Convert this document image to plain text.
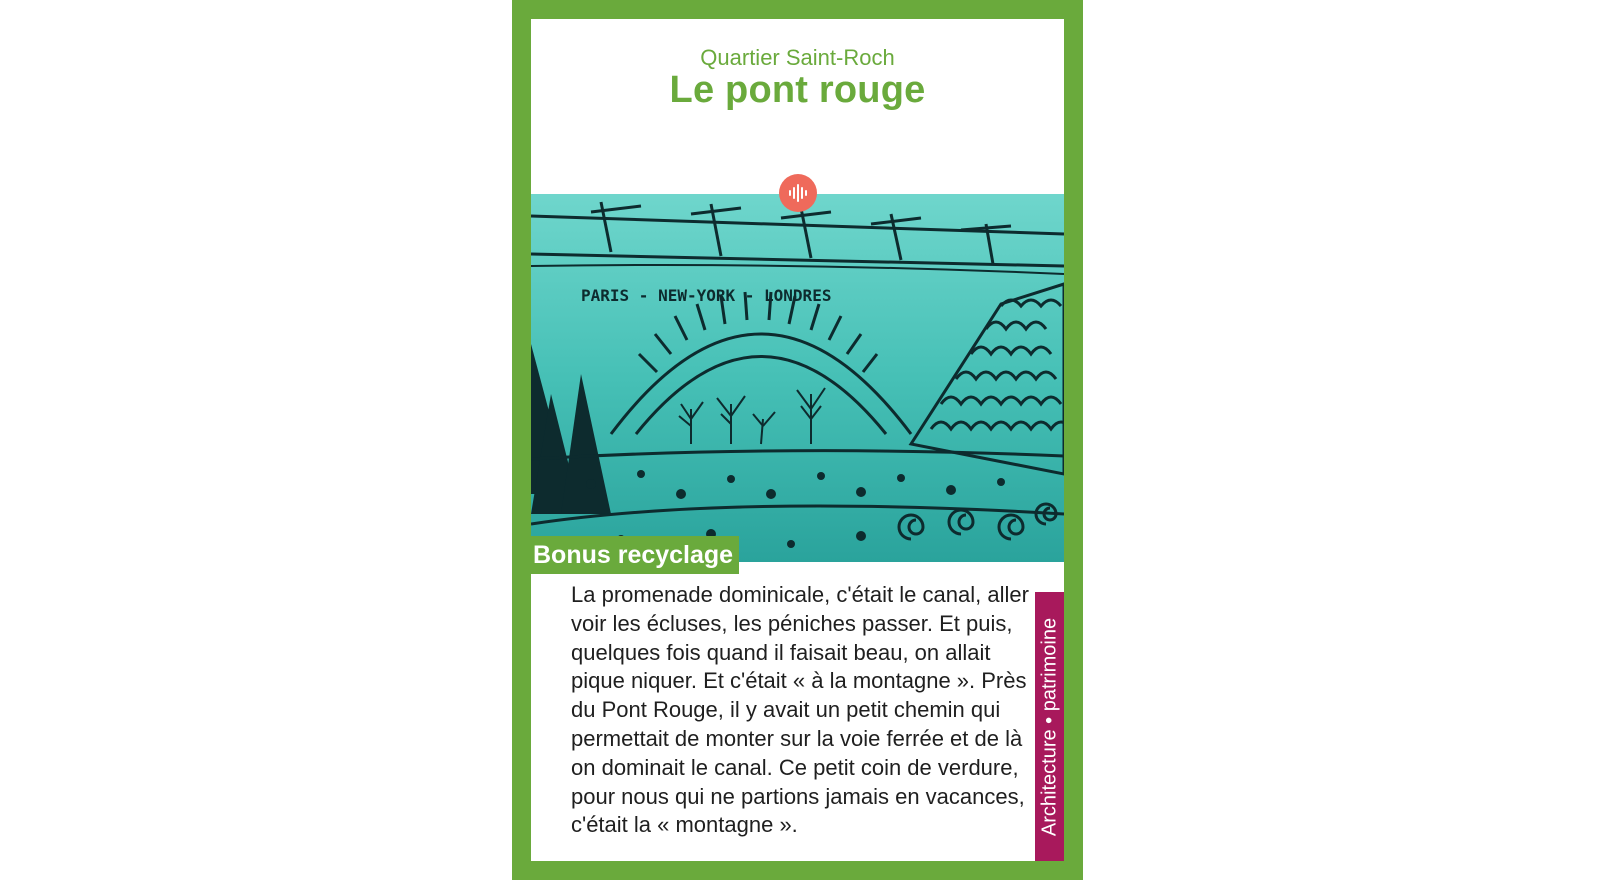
Quartier Saint-Roch
Le pont rouge
PARIS - NEW-YORK - LONDRES
Bonus recyclage
La promenade dominicale, c'était le canal, aller voir les écluses, les péniches passer. Et puis, quelques fois quand il faisait beau, on allait pique niquer. Et c'était « à la montagne ». Près du Pont Rouge, il y avait un petit chemin qui permettait de monter sur la voie ferrée et de là on dominait le canal. Ce petit coin de verdure, pour nous qui ne partions jamais en vacances, c'était la « montagne ».	Architecture • patrimoine
